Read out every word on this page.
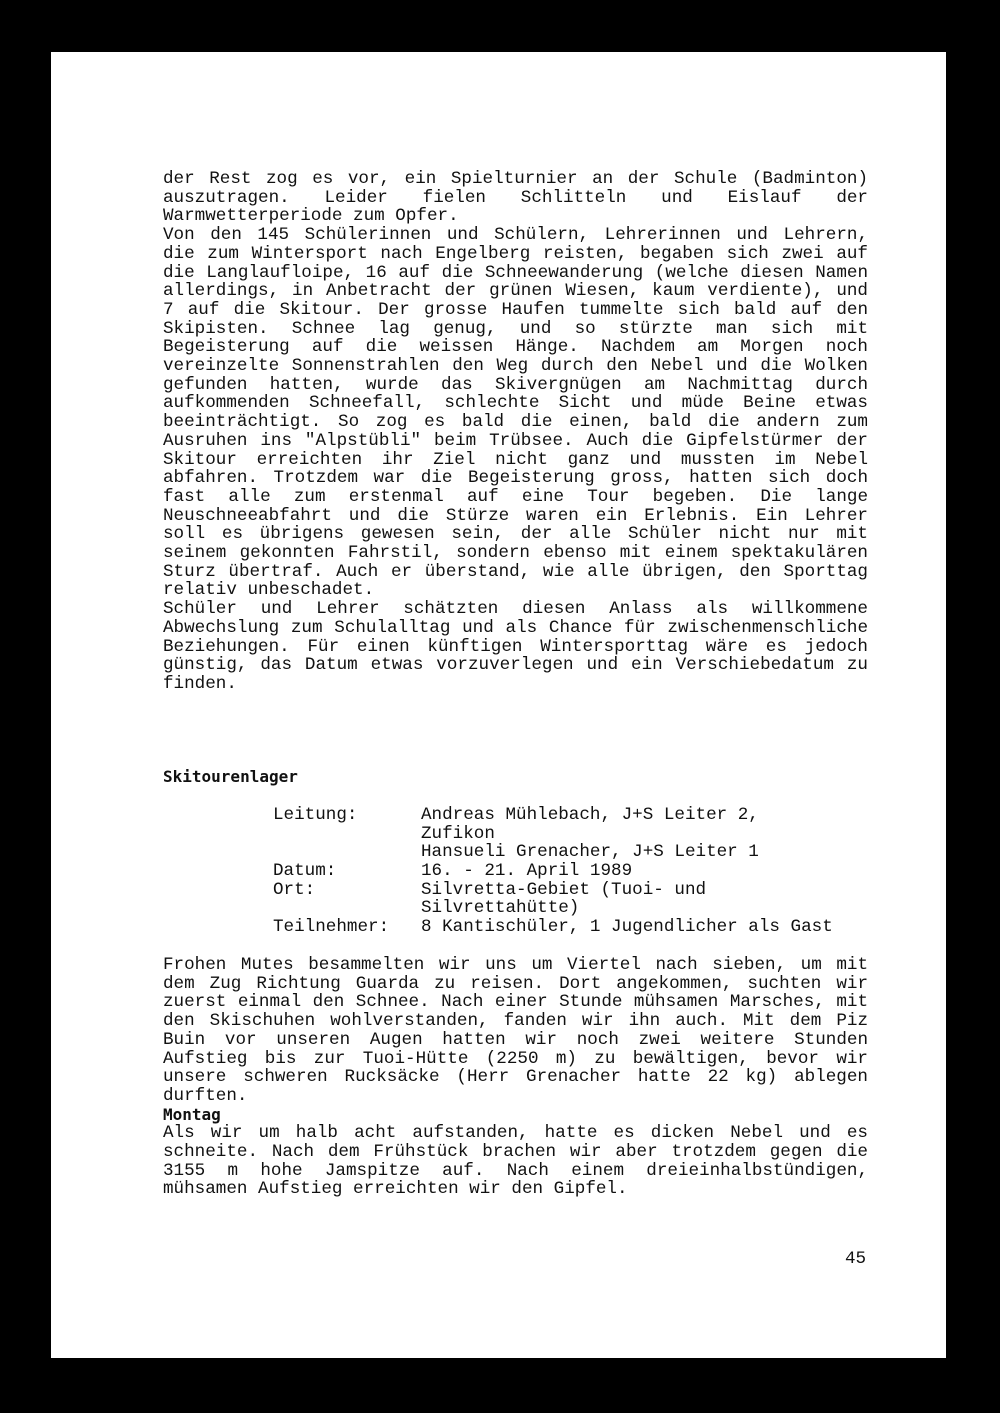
der Rest zog es vor, ein Spielturnier an der Schule (Badminton) auszutragen. Leider fielen Schlitteln und Eislauf der Warmwetterperiode zum Opfer.

Von den 145 Schülerinnen und Schülern, Lehrerinnen und Lehrern, die zum Wintersport nach Engelberg reisten, begaben sich zwei auf die Langlaufloipe, 16 auf die Schneewanderung (welche diesen Namen allerdings, in Anbetracht der grünen Wiesen, kaum verdiente), und 7 auf die Skitour. Der grosse Haufen tummelte sich bald auf den Skipisten. Schnee lag genug, und so stürzte man sich mit Begeisterung auf die weissen Hänge. Nachdem am Morgen noch vereinzelte Sonnenstrahlen den Weg durch den Nebel und die Wolken gefunden hatten, wurde das Skivergnügen am Nachmittag durch aufkommenden Schneefall, schlechte Sicht und müde Beine etwas beeinträchtigt. So zog es bald die einen, bald die andern zum Ausruhen ins "Alpstübli" beim Trübsee. Auch die Gipfelstürmer der Skitour erreichten ihr Ziel nicht ganz und mussten im Nebel abfahren. Trotzdem war die Begeisterung gross, hatten sich doch fast alle zum erstenmal auf eine Tour begeben. Die lange Neuschneeabfahrt und die Stürze waren ein Erlebnis. Ein Lehrer soll es übrigens gewesen sein, der alle Schüler nicht nur mit seinem gekonnten Fahrstil, sondern ebenso mit einem spektakulären Sturz übertraf. Auch er überstand, wie alle übrigen, den Sporttag relativ unbeschadet.

Schüler und Lehrer schätzten diesen Anlass als willkommene Abwechslung zum Schulalltag und als Chance für zwischenmenschliche Beziehungen. Für einen künftigen Wintersporttag wäre es jedoch günstig, das Datum etwas vorzuverlegen und ein Verschiebedatum zu finden.

Skitourenlager
Leitung:	Andreas Mühlebach, J+S Leiter 2,
Zufikon
Hansueli Grenacher, J+S Leiter 1
Datum:	16. - 21. April 1989
Ort:	Silvretta-Gebiet (Tuoi- und
Silvrettahütte)
Teilnehmer: 8 Kantischüler, 1 Jugendlicher als Gast

Frohen Mutes besammelten wir uns um Viertel nach sieben, um mit dem Zug Richtung Guarda zu reisen. Dort angekommen, suchten wir zuerst einmal den Schnee. Nach einer Stunde mühsamen Marsches, mit den Skischuhen wohlverstanden, fanden wir ihn auch. Mit dem Piz Buin vor unseren Augen hatten wir noch zwei weitere Stunden Aufstieg bis zur Tuoi-Hütte (2250 m) zu bewältigen, bevor wir unsere schweren Rucksäcke (Herr Grenacher hatte 22 kg) ablegen durften.

Montag

Als wir um halb acht aufstanden, hatte es dicken Nebel und es schneite. Nach dem Frühstück brachen wir aber trotzdem gegen die 3155 m hohe Jamspitze auf. Nach einem dreieinhalbstündigen, mühsamen Aufstieg erreichten wir den Gipfel.

45
